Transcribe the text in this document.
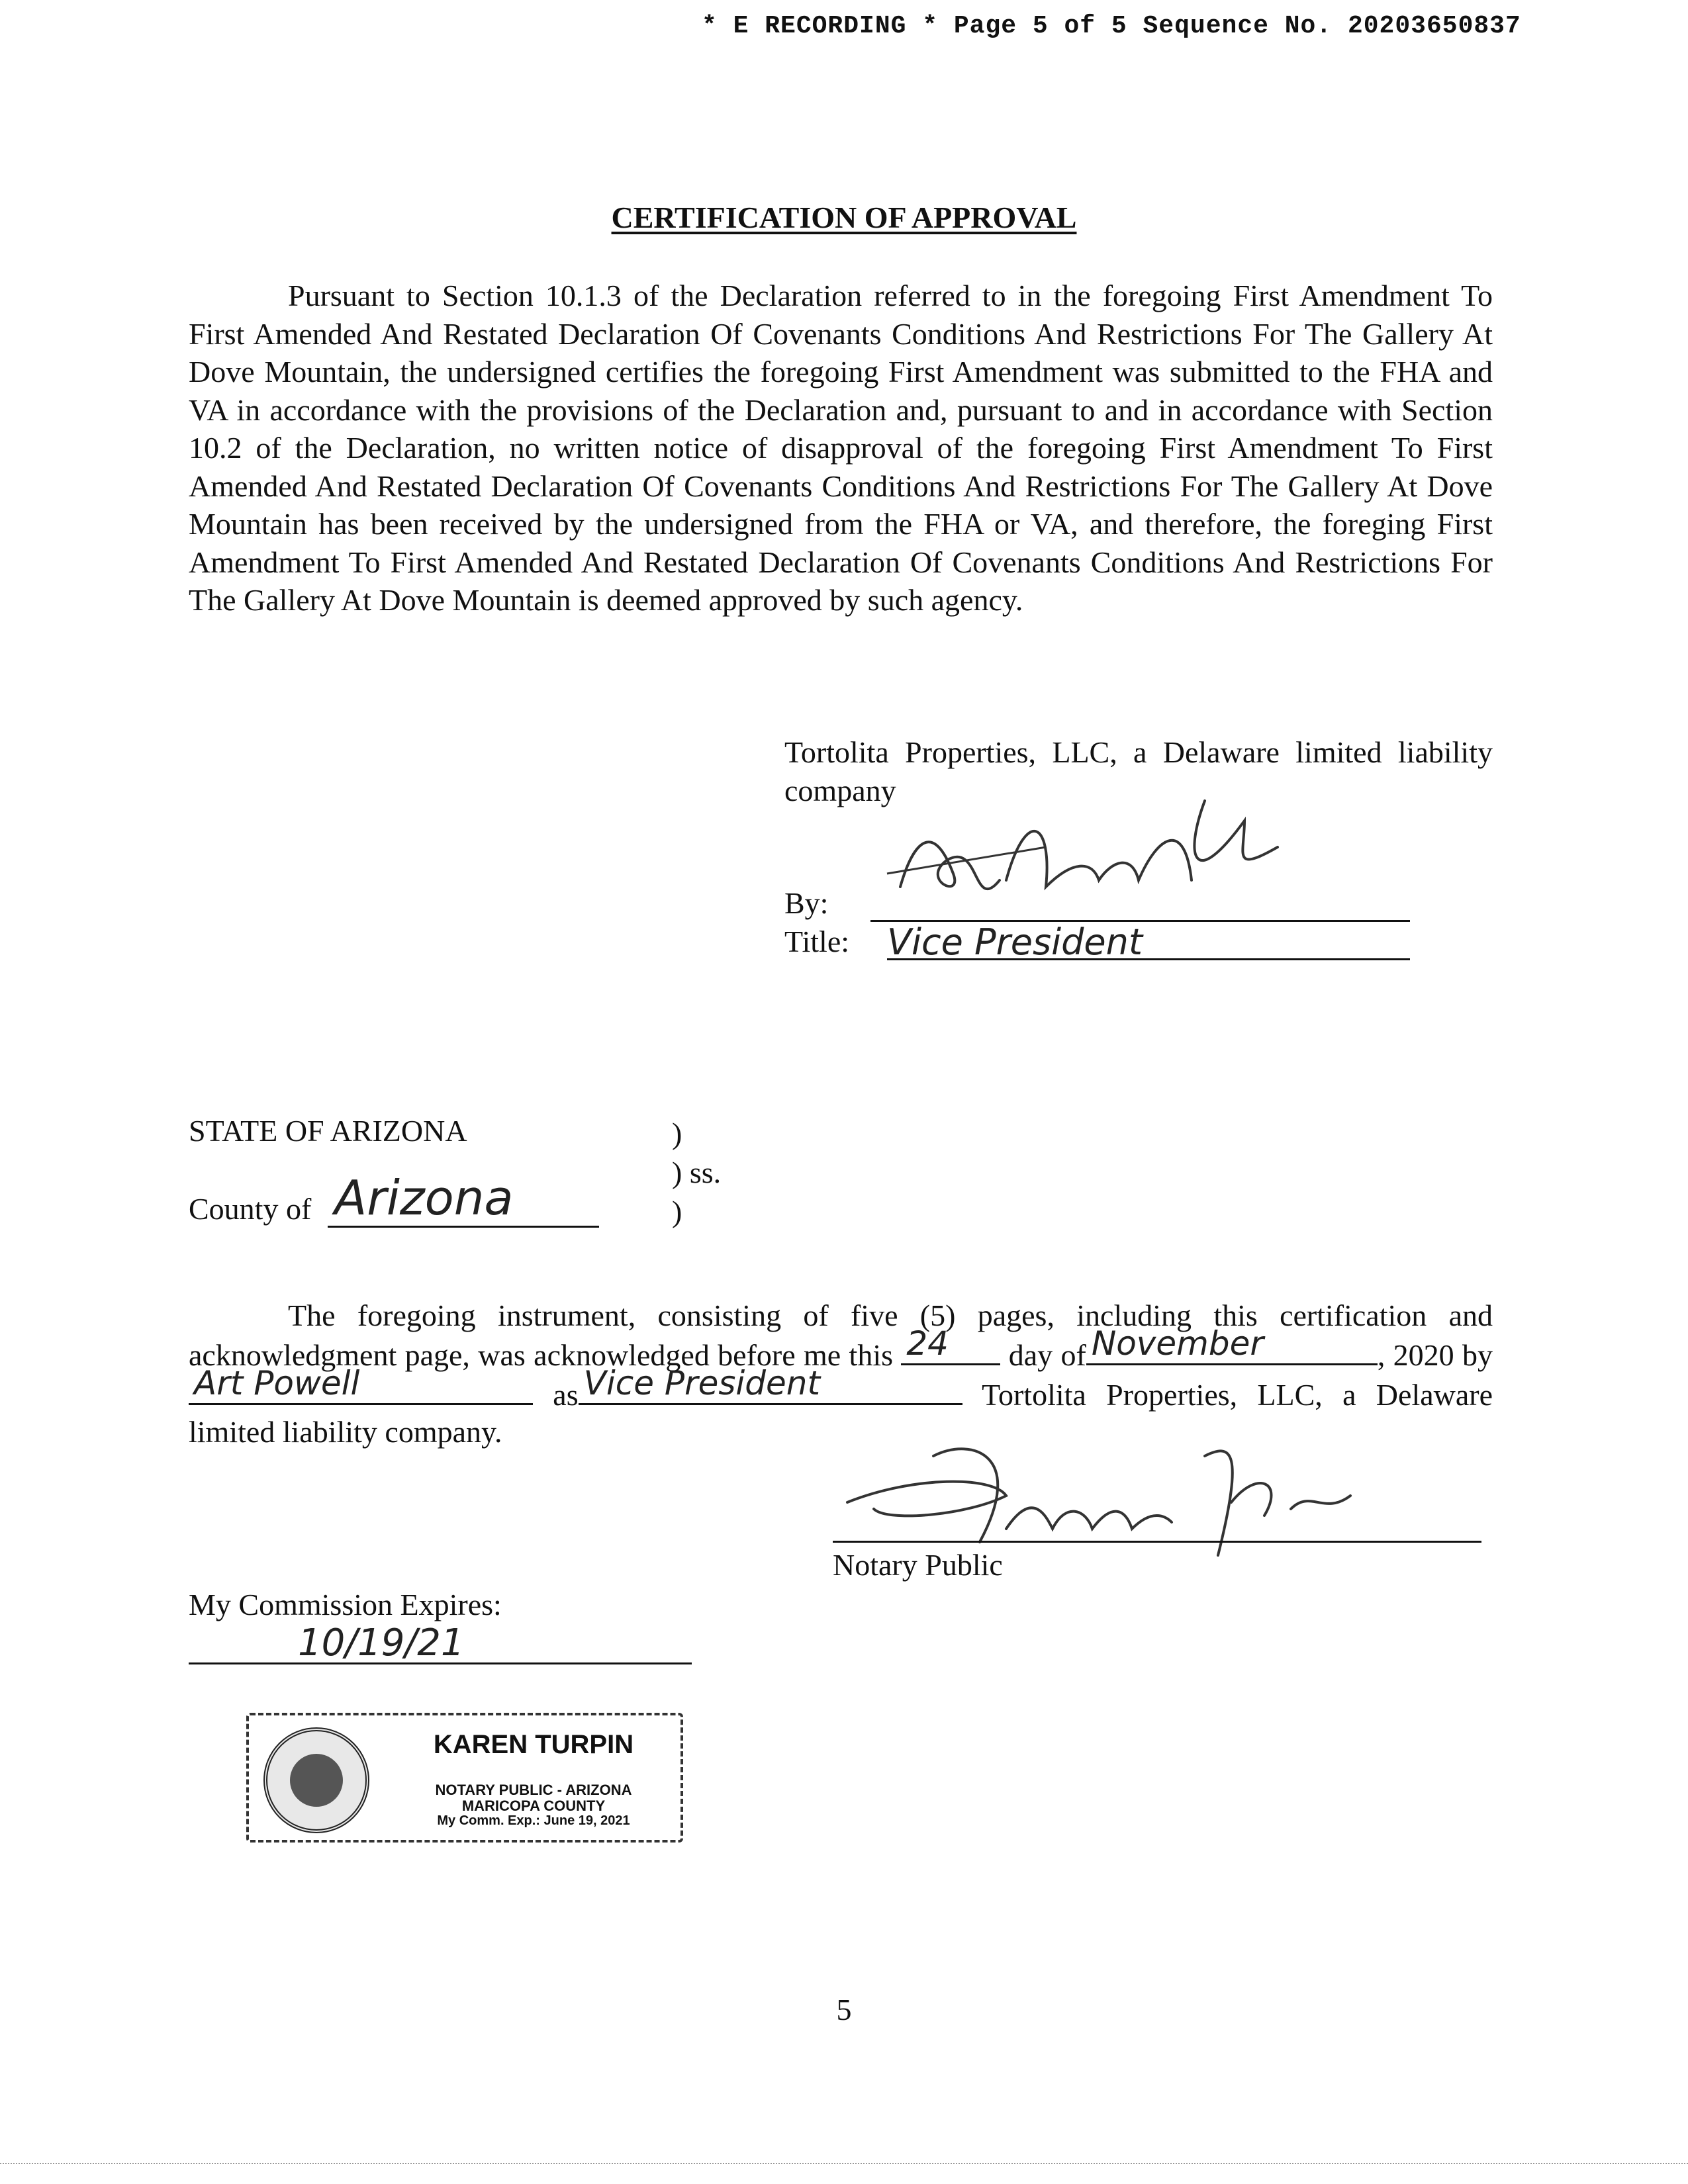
* E RECORDING * Page 5 of 5 Sequence No. 20203650837
CERTIFICATION OF APPROVAL
Pursuant to Section 10.1.3 of the Declaration referred to in the foregoing First Amendment To First Amended And Restated Declaration Of Covenants Conditions And Restrictions For The Gallery At Dove Mountain, the undersigned certifies the foregoing First Amendment was submitted to the FHA and VA in accordance with the provisions of the Declaration and, pursuant to and in accordance with Section 10.2 of the Declaration, no written notice of disapproval of the foregoing First Amendment To First Amended And Restated Declaration Of Covenants Conditions And Restrictions For The Gallery At Dove Mountain has been received by the undersigned from the FHA or VA, and therefore, the foreging First Amendment To First Amended And Restated Declaration Of Covenants Conditions And Restrictions For The Gallery At Dove Mountain is deemed approved by such agency.
Tortolita Properties, LLC, a Delaware limited liability company
By:
Title: Vice President
STATE OF ARIZONA	)
) ss.
)
County of Arizona

The foregoing instrument, consisting of five (5) pages, including this certification and acknowledgment page, was acknowledged before me this 24 day of November	, 2020 by
Art Powell	as Vice President	Tortolita Properties, LLC, a Delaware limited liability company.

Notary Public
My Commission Expires:
10/19/21
KAREN TURPIN
NOTARY PUBLIC - ARIZONA
MARICOPA COUNTY
My Comm. Exp.: June 19, 2021
5
